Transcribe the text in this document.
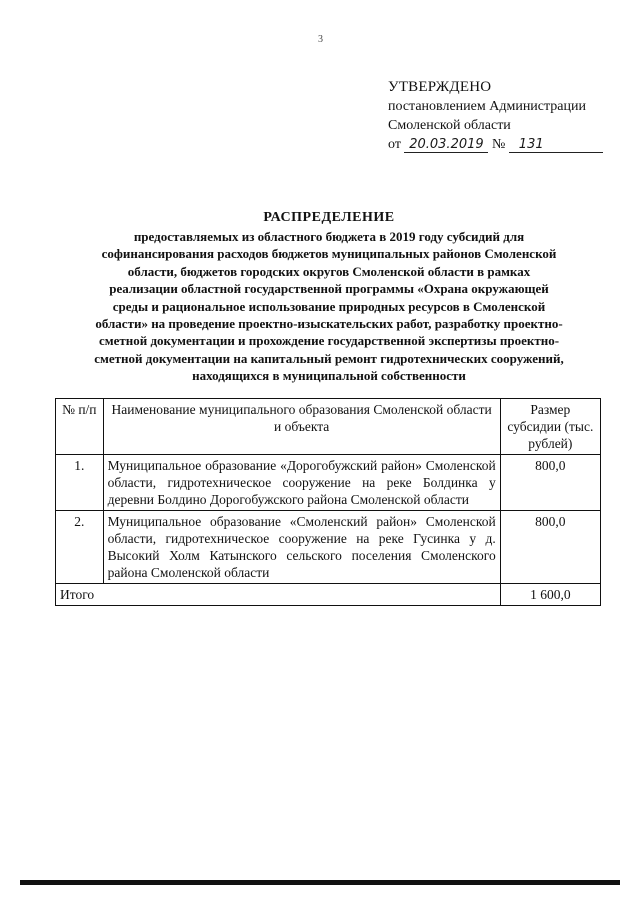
3
УТВЕРЖДЕНО
постановлением Администрации
Смоленской области
от 20.03.2019 № 131
РАСПРЕДЕЛЕНИЕ
предоставляемых из областного бюджета в 2019 году субсидий для
софинансирования расходов бюджетов муниципальных районов Смоленской
области, бюджетов городских округов Смоленской области в рамках
реализации областной государственной программы «Охрана окружающей
среды и рациональное использование природных ресурсов в Смоленской
области» на проведение проектно-изыскательских работ, разработку проектно-
сметной документации и прохождение государственной экспертизы проектно-
сметной документации на капитальный ремонт гидротехнических сооружений,
находящихся в муниципальной собственности
№ п/п	Наименование муниципального образования Смоленской области и объекта	Размер субсидии (тыс. рублей)
1.	Муниципальное образование «Дорогобужский район» Смоленской области, гидротехническое сооружение на реке Болдинка у деревни Болдино Дорогобужского района Смоленской области	800,0
2.	Муниципальное образование «Смоленский район» Смоленской области, гидротехническое сооружение на реке Гусинка у д. Высокий Холм Катынского сельского поселения Смоленского района Смоленской области	800,0
Итого		1 600,0
